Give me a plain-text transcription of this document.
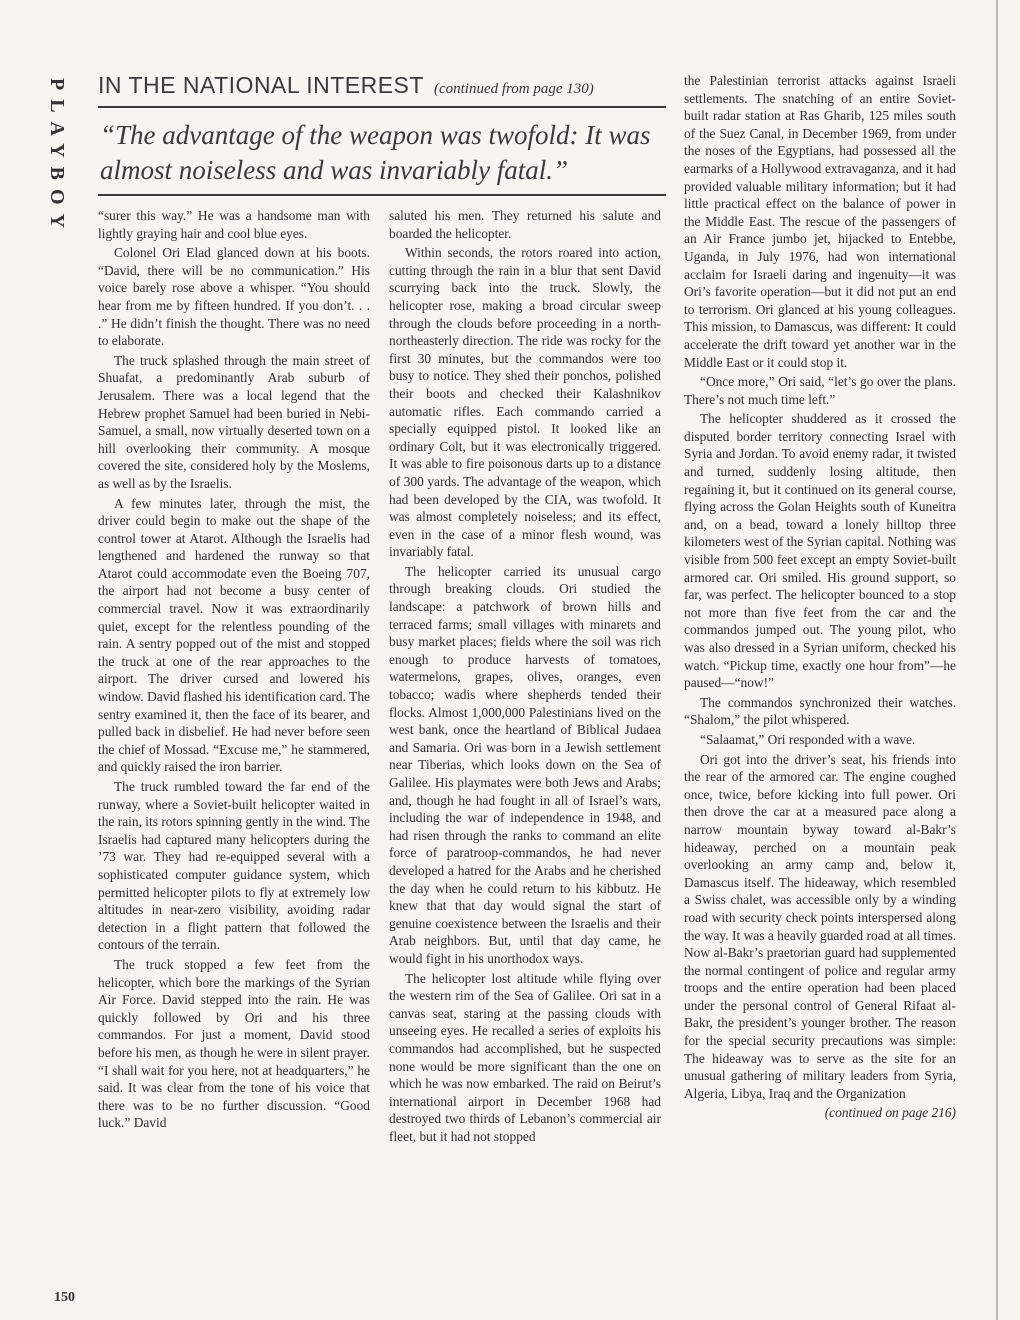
PLAYBOY IN THE NATIONAL INTEREST (continued from page 130)

“The advantage of the weapon was twofold: It was almost noiseless and was invariably fatal.”

“surer this way.” He was a handsome man with lightly graying hair and cool blue eyes.

Colonel Ori Elad glanced down at his boots. “David, there will be no communication.” His voice barely rose above a whisper. “You should hear from me by fifteen hundred. If you don’t. . . .” He didn’t finish the thought. There was no need to elaborate.

The truck splashed through the main street of Shuafat, a predominantly Arab suburb of Jerusalem. There was a local legend that the Hebrew prophet Samuel had been buried in Nebi-Samuel, a small, now virtually deserted town on a hill overlooking their community. A mosque covered the site, considered holy by the Moslems, as well as by the Israelis.

A few minutes later, through the mist, the driver could begin to make out the shape of the control tower at Atarot. Although the Israelis had lengthened and hardened the runway so that Atarot could accommodate even the Boeing 707, the airport had not become a busy center of commercial travel. Now it was extraordinarily quiet, except for the relentless pounding of the rain. A sentry popped out of the mist and stopped the truck at one of the rear approaches to the airport. The driver cursed and lowered his window. David flashed his identification card. The sentry examined it, then the face of its bearer, and pulled back in disbelief. He had never before seen the chief of Mossad. “Excuse me,” he stammered, and quickly raised the iron barrier.

The truck rumbled toward the far end of the runway, where a Soviet-built helicopter waited in the rain, its rotors spinning gently in the wind. The Israelis had captured many helicopters during the ’73 war. They had re-equipped several with a sophisticated computer guidance system, which permitted helicopter pilots to fly at extremely low altitudes in near-zero visibility, avoiding radar detection in a flight pattern that followed the contours of the terrain.

The truck stopped a few feet from the helicopter, which bore the markings of the Syrian Air Force. David stepped into the rain. He was quickly followed by Ori and his three commandos. For just a moment, David stood before his men, as though he were in silent prayer. “I shall wait for you here, not at headquarters,” he said. It was clear from the tone of his voice that there was to be no further discussion. “Good luck.” David

saluted his men. They returned his salute and boarded the helicopter.

Within seconds, the rotors roared into action, cutting through the rain in a blur that sent David scurrying back into the truck. Slowly, the helicopter rose, making a broad circular sweep through the clouds before proceeding in a north-northeasterly direction. The ride was rocky for the first 30 minutes, but the commandos were too busy to notice. They shed their ponchos, polished their boots and checked their Kalashnikov automatic rifles. Each commando carried a specially equipped pistol. It looked like an ordinary Colt, but it was electronically triggered. It was able to fire poisonous darts up to a distance of 300 yards. The advantage of the weapon, which had been developed by the CIA, was twofold. It was almost completely noiseless; and its effect, even in the case of a minor flesh wound, was invariably fatal.

The helicopter carried its unusual cargo through breaking clouds. Ori studied the landscape: a patchwork of brown hills and terraced farms; small villages with minarets and busy market places; fields where the soil was rich enough to produce harvests of tomatoes, watermelons, grapes, olives, oranges, even tobacco; wadis where shepherds tended their flocks. Almost 1,000,000 Palestinians lived on the west bank, once the heartland of Biblical Judaea and Samaria. Ori was born in a Jewish settlement near Tiberias, which looks down on the Sea of Galilee. His playmates were both Jews and Arabs; and, though he had fought in all of Israel’s wars, including the war of independence in 1948, and had risen through the ranks to command an elite force of paratroop-commandos, he had never developed a hatred for the Arabs and he cherished the day when he could return to his kibbutz. He knew that that day would signal the start of genuine coexistence between the Israelis and their Arab neighbors. But, until that day came, he would fight in his unorthodox ways.

The helicopter lost altitude while flying over the western rim of the Sea of Galilee. Ori sat in a canvas seat, staring at the passing clouds with unseeing eyes. He recalled a series of exploits his commandos had accomplished, but he suspected none would be more significant than the one on which he was now embarked. The raid on Beirut’s international airport in December 1968 had destroyed two thirds of Lebanon’s commercial air fleet, but it had not stopped

the Palestinian terrorist attacks against Israeli settlements. The snatching of an entire Soviet-built radar station at Ras Gharib, 125 miles south of the Suez Canal, in December 1969, from under the noses of the Egyptians, had possessed all the earmarks of a Hollywood extravaganza, and it had provided valuable military information; but it had little practical effect on the balance of power in the Middle East. The rescue of the passengers of an Air France jumbo jet, hijacked to Entebbe, Uganda, in July 1976, had won international acclaim for Israeli daring and ingenuity—it was Ori’s favorite operation—but it did not put an end to terrorism. Ori glanced at his young colleagues. This mission, to Damascus, was different: It could accelerate the drift toward yet another war in the Middle East or it could stop it.

“Once more,” Ori said, “let’s go over the plans. There’s not much time left.”

The helicopter shuddered as it crossed the disputed border territory connecting Israel with Syria and Jordan. To avoid enemy radar, it twisted and turned, suddenly losing altitude, then regaining it, but it continued on its general course, flying across the Golan Heights south of Kuneitra and, on a bead, toward a lonely hilltop three kilometers west of the Syrian capital. Nothing was visible from 500 feet except an empty Soviet-built armored car. Ori smiled. His ground support, so far, was perfect. The helicopter bounced to a stop not more than five feet from the car and the commandos jumped out. The young pilot, who was also dressed in a Syrian uniform, checked his watch. “Pickup time, exactly one hour from”—he paused—“now!”

The commandos synchronized their watches. “Shalom,” the pilot whispered.

“Salaamat,” Ori responded with a wave.

Ori got into the driver’s seat, his friends into the rear of the armored car. The engine coughed once, twice, before kicking into full power. Ori then drove the car at a measured pace along a narrow mountain byway toward al-Bakr’s hideaway, perched on a mountain peak overlooking an army camp and, below it, Damascus itself. The hideaway, which resembled a Swiss chalet, was accessible only by a winding road with security check points interspersed along the way. It was a heavily guarded road at all times. Now al-Bakr’s praetorian guard had supplemented the normal contingent of police and regular army troops and the entire operation had been placed under the personal control of General Rifaat al-Bakr, the president’s younger brother. The reason for the special security precautions was simple: The hideaway was to serve as the site for an unusual gathering of military leaders from Syria, Algeria, Libya, Iraq and the Organization

(continued on page 216)

150
